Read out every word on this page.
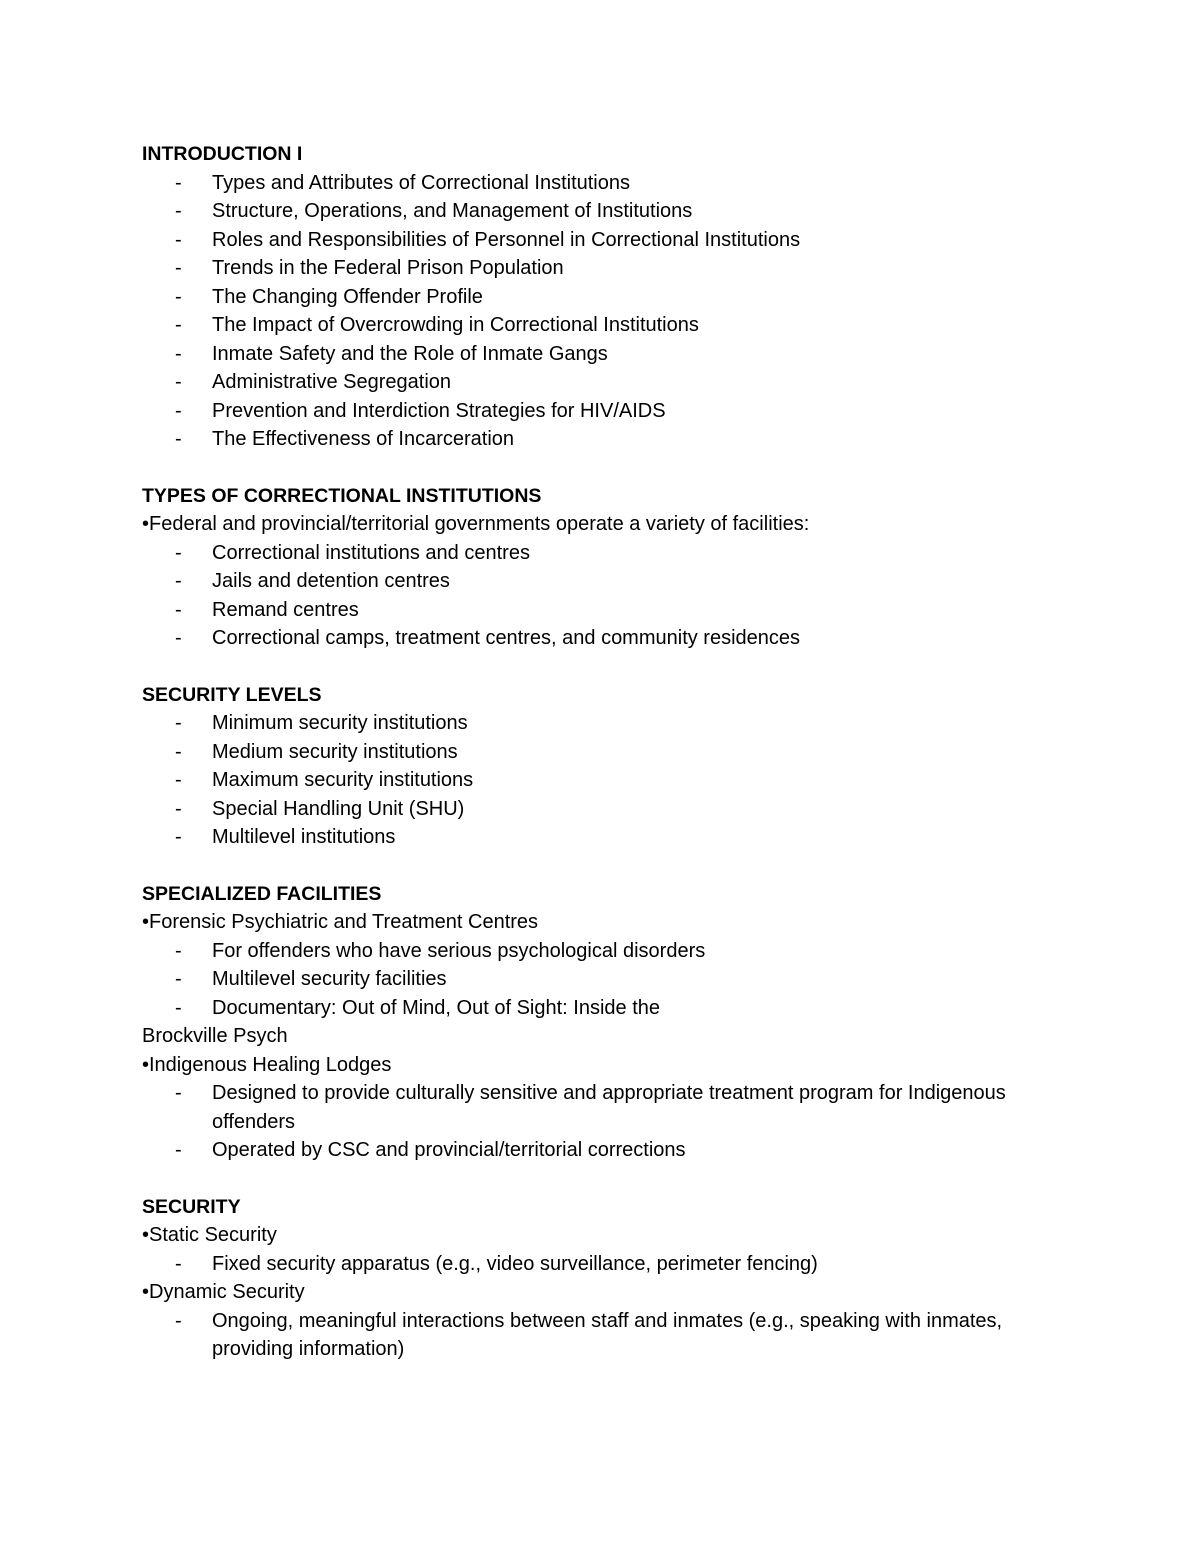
INTRODUCTION I
- Types and Attributes of Correctional Institutions
- Structure, Operations, and Management of Institutions
- Roles and Responsibilities of Personnel in Correctional Institutions
- Trends in the Federal Prison Population
- The Changing Offender Profile
- The Impact of Overcrowding in Correctional Institutions
- Inmate Safety and the Role of Inmate Gangs
- Administrative Segregation
- Prevention and Interdiction Strategies for HIV/AIDS
- The Effectiveness of Incarceration
TYPES OF CORRECTIONAL INSTITUTIONS
•Federal and provincial/territorial governments operate a variety of facilities:
- Correctional institutions and centres
- Jails and detention centres
- Remand centres
- Correctional camps, treatment centres, and community residences
SECURITY LEVELS
- Minimum security institutions
- Medium security institutions
- Maximum security institutions
- Special Handling Unit (SHU)
- Multilevel institutions
SPECIALIZED FACILITIES
•Forensic Psychiatric and Treatment Centres
- For offenders who have serious psychological disorders
- Multilevel security facilities
- Documentary: Out of Mind, Out of Sight: Inside the
Brockville Psych
•Indigenous Healing Lodges
- Designed to provide culturally sensitive and appropriate treatment program for Indigenous offenders
- Operated by CSC and provincial/territorial corrections
SECURITY
•Static Security
- Fixed security apparatus (e.g., video surveillance, perimeter fencing)
•Dynamic Security
- Ongoing, meaningful interactions between staff and inmates (e.g., speaking with inmates, providing information)
